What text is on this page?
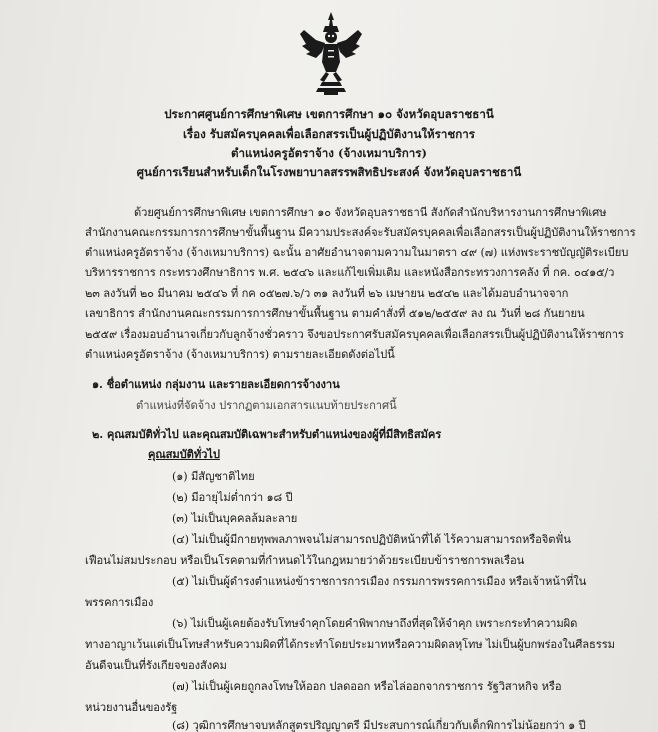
ประกาศศูนย์การศึกษาพิเศษ เขตการศึกษา ๑๐ จังหวัดอุบลราชธานี
เรื่อง รับสมัครบุคคลเพื่อเลือกสรรเป็นผู้ปฏิบัติงานให้ราชการ
ตำแหน่งครูอัตราจ้าง (จ้างเหมาบริการ)
ศูนย์การเรียนสำหรับเด็กในโรงพยาบาลสรรพสิทธิประสงค์ จังหวัดอุบลราชธานี
ด้วยศูนย์การศึกษาพิเศษ เขตการศึกษา ๑๐ จังหวัดอุบลราชธานี สังกัดสำนักบริหารงานการศึกษาพิเศษ
สำนักงานคณะกรรมการการศึกษาขั้นพื้นฐาน มีความประสงค์จะรับสมัครบุคคลเพื่อเลือกสรรเป็นผู้ปฏิบัติงานให้ราชการ
ตำแหน่งครูอัตราจ้าง (จ้างเหมาบริการ) ฉะนั้น อาศัยอำนาจตามความในมาตรา ๔๙ (๗) แห่งพระราชบัญญัติระเบียบ
บริหารราชการ กระทรวงศึกษาธิการ พ.ศ. ๒๕๔๖ และแก้ไขเพิ่มเติม และหนังสือกระทรวงการคลัง ที่ กค. ๐๔๑๕/ว
๒๓ ลงวันที่ ๒๐ มีนาคม ๒๕๔๖ ที่ กค ๐๕๒๗.๖/ว ๓๑ ลงวันที่ ๒๖ เมษายน ๒๕๔๒ และได้มอบอำนาจจาก
เลขาธิการ สำนักงานคณะกรรมการการศึกษาขั้นพื้นฐาน ตามคำสั่งที่ ๕๑๒/๒๕๕๙ ลง ณ วันที่ ๒๘ กันยายน
๒๕๕๙ เรื่องมอบอำนาจเกี่ยวกับลูกจ้างชั่วคราว จึงขอประกาศรับสมัครบุคคลเพื่อเลือกสรรเป็นผู้ปฏิบัติงานให้ราชการ
ตำแหน่งครูอัตราจ้าง (จ้างเหมาบริการ) ตามรายละเอียดดังต่อไปนี้
๑. ชื่อตำแหน่ง กลุ่มงาน และรายละเอียดการจ้างงาน
ตำแหน่งที่จัดจ้าง ปรากฏตามเอกสารแนบท้ายประกาศนี้
๒. คุณสมบัติทั่วไป และคุณสมบัติเฉพาะสำหรับตำแหน่งของผู้ที่มีสิทธิสมัคร
คุณสมบัติทั่วไป
(๑) มีสัญชาติไทย
(๒) มีอายุไม่ต่ำกว่า ๑๘ ปี
(๓) ไม่เป็นบุคคลล้มละลาย
(๔) ไม่เป็นผู้มีกายทุพพลภาพจนไม่สามารถปฏิบัติหน้าที่ได้ ไร้ความสามารถหรือจิตฟั่น
เฟือนไม่สมประกอบ หรือเป็นโรคตามที่กำหนดไว้ในกฎหมายว่าด้วยระเบียบข้าราชการพลเรือน
(๕) ไม่เป็นผู้ดำรงตำแหน่งข้าราชการการเมือง กรรมการพรรคการเมือง หรือเจ้าหน้าที่ใน
พรรคการเมือง
(๖) ไม่เป็นผู้เคยต้องรับโทษจำคุกโดยคำพิพากษาถึงที่สุดให้จำคุก เพราะกระทำความผิด
ทางอาญาเว้นแต่เป็นโทษสำหรับความผิดที่ได้กระทำโดยประมาทหรือความผิดลหุโทษ ไม่เป็นผู้บกพร่องในศีลธรรม
อันดีจนเป็นที่รังเกียจของสังคม
(๗) ไม่เป็นผู้เคยถูกลงโทษให้ออก ปลดออก หรือไล่ออกจากราชการ รัฐวิสาหกิจ หรือ
หน่วยงานอื่นของรัฐ
(๘) วุฒิการศึกษาจบหลักสูตรปริญญาตรี มีประสบการณ์เกี่ยวกับเด็กพิการไม่น้อยกว่า ๑ ปี
